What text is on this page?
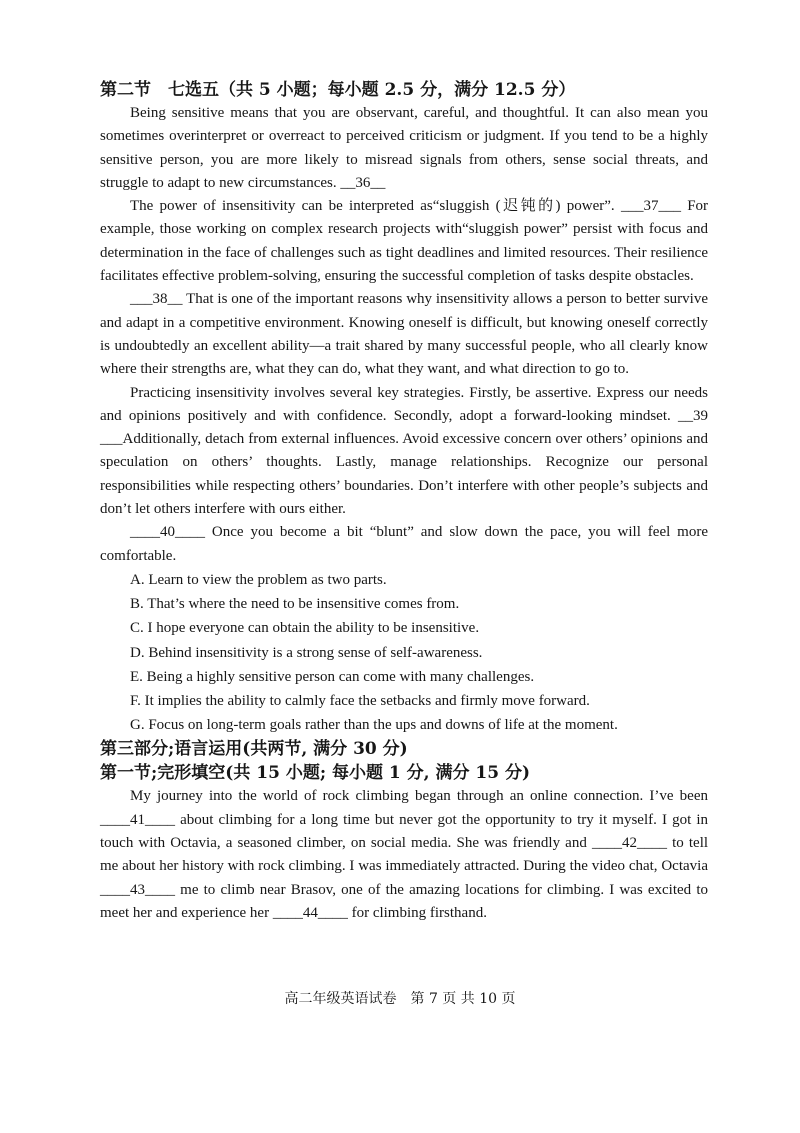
第二节　七选五（共 5 小题；每小题 2.5 分，满分 12.5 分）

Being sensitive means that you are observant, careful, and thoughtful. It can also mean you sometimes overinterpret or overreact to perceived criticism or judgment. If you tend to be a highly sensitive person, you are more likely to misread signals from others, sense social threats, and struggle to adapt to new circumstances. __36__

The power of insensitivity can be interpreted as“sluggish (迟钝的) power”. ___37___ For example, those working on complex research projects with“sluggish power” persist with focus and determination in the face of challenges such as tight deadlines and limited resources. Their resilience facilitates effective problem-solving, ensuring the successful completion of tasks despite obstacles.

___38__ That is one of the important reasons why insensitivity allows a person to better survive and adapt in a competitive environment. Knowing oneself is difficult, but knowing oneself correctly is undoubtedly an excellent ability—a trait shared by many successful people, who all clearly know where their strengths are, what they can do, what they want, and what direction to go to.

Practicing insensitivity involves several key strategies. Firstly, be assertive. Express our needs and opinions positively and with confidence. Secondly, adopt a forward-looking mindset. __39 ___Additionally, detach from external influences. Avoid excessive concern over others’ opinions and speculation on others’ thoughts. Lastly, manage relationships. Recognize our personal responsibilities while respecting others’ boundaries. Don’t interfere with other people’s subjects and don’t let others interfere with ours either.

____40____ Once you become a bit “blunt” and slow down the pace, you will feel more comfortable.

A. Learn to view the problem as two parts.
B. That’s where the need to be insensitive comes from.
C. I hope everyone can obtain the ability to be insensitive.
D. Behind insensitivity is a strong sense of self-awareness.
E. Being a highly sensitive person can come with many challenges.
F. It implies the ability to calmly face the setbacks and firmly move forward.
G. Focus on long-term goals rather than the ups and downs of life at the moment.
第三部分;语言运用(共两节, 满分 30 分)
第一节;完形填空(共 15 小题; 每小题 1 分, 满分 15 分)

My journey into the world of rock climbing began through an online connection. I’ve been ____41____ about climbing for a long time but never got the opportunity to try it myself. I got in touch with Octavia, a seasoned climber, on social media. She was friendly and ____42____ to tell me about her history with rock climbing. I was immediately attracted. During the video chat, Octavia ____43____ me to climb near Brasov, one of the amazing locations for climbing. I was excited to meet her and experience her ____44____ for climbing firsthand.

高二年级英语试卷　第 7 页 共 10 页
